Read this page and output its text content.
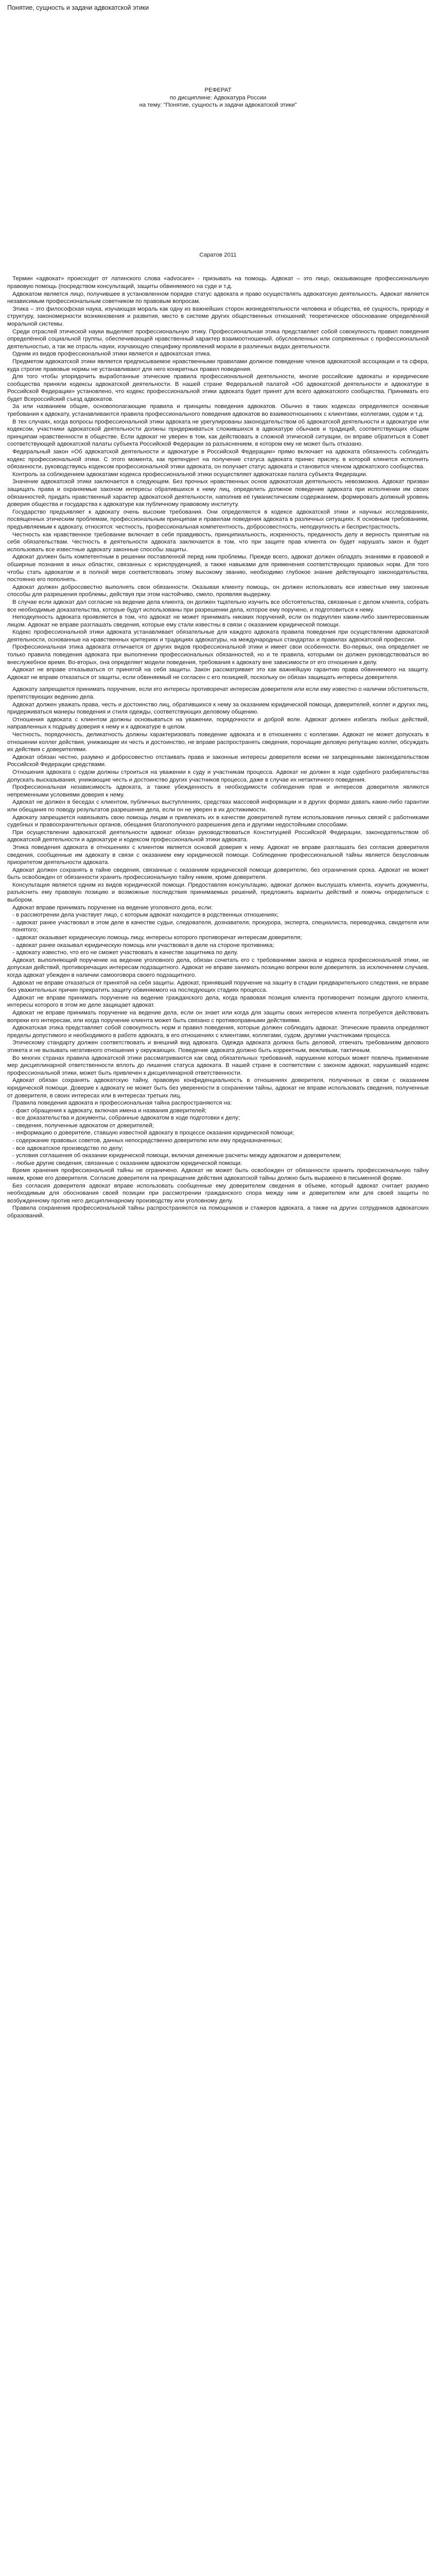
Понятие, сущность и задачи адвокатской этики
РЕФЕРАТ
по дисциплине: Адвокатура России
на тему: "Понятие, сущность и задачи адвокатской этики"
Саратов 2011

Термин «адвокат» происходит от латинского слова «advocare» - призывать на помощь. Адвокат – это лицо, оказывающее профессиональную правовую помощь (посредством консультаций, защиты обвиняемого на суде и т.д.

Адвокатом является лицо, получившее в установленном порядке статус адвоката и право осуществлять адвокатскую деятельность. Адвокат является независимым профессиональным советником по правовым вопросам.

Этика – это философская наука, изучающая мораль как одну из важнейших сторон жизнедеятельности человека и общества, её сущность, природу и структуру, закономерности возникновения и развития, место в системе других общественных отношений; теоретическое обоснование определённой моральной системы.

Среди отраслей этической науки выделяют профессиональную этику. Профессиональная этика представляет собой совокупность правил поведения определённой социальной группы, обеспечивающей нравственный характер взаимоотношений, обусловленных или сопряженных с профессиональной деятельностью, а так же отрасль науки, изучающую специфику проявлений морали в различных видах деятельности.

Одним из видов профессиональной этики является и адвокатская этика.

Предметом адвокатской этики является предписываемое нравственными правилами должное поведение членов адвокатской ассоциации и та сфера, куда строгие правовые нормы не устанавливают для него конкретных правил поведения.

Для того чтобы упорядочить выработанные этические правила профессиональной деятельности, многие российские адвокаты и юридические сообщества приняли кодексы адвокатской деятельности. В нашей стране Федеральной палатой «Об адвокатской деятельности и адвокатуре в Российской Федерации» установлено, что кодекс профессиональной этики адвоката будет принят для всего адвокатского сообщества. Принимать его будет Всероссийский съезд адвокатов.

За или названием общие, основополагающие правила и принципы поведения адвокатов. Обычно в таких кодексах определяются основные требования к адвокату, устанавливаются правила профессионального поведения адвокатов во взаимоотношениях с клиентами, коллегами, судом и т.д.

В тех случаях, когда вопросы профессиональной этики адвоката не урегулированы законодательством об адвокатской деятельности и адвокатуре или кодексом, участники адвокатской деятельности должны придерживаться сложившихся в адвокатуре обычаев и традиций, соответствующих общим принципам нравственности в обществе. Если адвокат не уверен в том, как действовать в сложной этической ситуации, он вправе обратиться в Совет соответствующей адвокатской палаты субъекта Российской Федерации за разъяснением, в котором ему не может быть отказано.

Федеральный закон «Об адвокатской деятельности и адвокатуре в Российской Федерации» прямо включает на адвоката обязанность соблюдать кодекс профессиональной этики. С этого момента, как претендент на получение статуса адвоката принес присягу, в которой клянется исполнять обязанности, руководствуясь кодексом профессиональной этики адвоката, он получает статус адвоката и становится членом адвокатского сообщества.

Контроль за соблюдением адвокатами кодекса профессиональной этики осуществляет адвокатская палата субъекта Федерации.

Значение адвокатской этики заключается в следующем. Без прочных нравственных основ адвокатская деятельность невозможна. Адвокат призван защищать права и охраняемые законом интересы обратившихся к нему лиц, определить должное поведение адвоката при исполнении им своих обязанностей, придать нравственный характер адвокатской деятельности, наполнив её гуманистическим содержанием, формировать должный уровень доверия общества и государства к адвокатуре как публичному правовому институту.

Государство предъявляет к адвокату очень высокие требования. Они определяются в кодексе адвокатской этики и научных исследованиях, посвященных этическим проблемам, профессиональным принципам и правилам поведения адвоката в различных ситуациях. К основным требованиям, предъявляемым к адвокату, относятся: честность, профессиональная компетентность, добросовестность, неподкупность и беспристрастность.

Честность как нравственное требование включает в себя правдивость, принципиальность, искренность, преданность делу и верность принятым на себя обязательствам. Честность в деятельности адвоката заключается в том, что при защите прав клиента он будет нарушать закон и будет использовать все известные адвокату законные способы защиты.

Адвокат должен быть компетентным в решении поставленной перед ним проблемы. Прежде всего, адвокат должен обладать знаниями в правовой и обширные познания в иных областях, связанных с юриспруденцией, а также навыками для применения соответствующих правовых норм. Для того чтобы стать адвокатом и в полной мере соответствовать этому высокому званию, необходимо глубокое знание действующего законодательства, постоянно его пополнять.

Адвокат должен добросовестно выполнять свои обязанности. Оказывая клиенту помощь, он должен использовать все известные ему законные способы для разрешения проблемы, действуя при этом настойчиво, смело, проявляя выдержку.

В случае если адвокат дал согласие на ведение дела клиента, он должен тщательно изучить все обстоятельства, связанные с делом клиента, собрать все необходимые доказательства, которые будут использованы при разрешении дела, которое ему поручено, и подготовиться к нему.

Неподкупность адвоката проявляется в том, что адвокат не может принимать никаких поручений, если он подкуплен каким-либо заинтересованным лицом. Адвокат не вправе разглашать сведения, которые ему стали известны в связи с оказанием юридической помощи.

Кодекс профессиональной этики адвоката устанавливает обязательные для каждого адвоката правила поведения при осуществлении адвокатской деятельности, основанные на нравственных критериях и традициях адвокатуры, на международных стандартах и правилах адвокатской профессии.

Профессиональная этика адвоката отличается от других видов профессиональной этики и имеет свои особенности. Во-первых, она определяет не только правила поведения адвоката при выполнении профессиональных обязанностей, но и те правила, которыми он должен руководствоваться во внеслужебное время. Во-вторых, она определяет модели поведения, требования к адвокату вне зависимости от его отношения к делу.

Адвокат не вправе отказываться от принятой на себя защиты. Закон рассматривает это как важнейшую гарантию права обвиняемого на защиту. Адвокат не вправе отказаться от защиты, если обвиняемый не согласен с его позицией, поскольку он обязан защищать интересы доверителя.

Адвокату запрещается принимать поручение, если его интересы противоречат интересам доверителя или если ему известно о наличии обстоятельств, препятствующих ведению дела.

Адвокат должен уважать права, честь и достоинство лиц, обратившихся к нему за оказанием юридической помощи, доверителей, коллег и других лиц, придерживаться манеры поведения и стиля одежды, соответствующих деловому общению.

Отношения адвоката с клиентом должны основываться на уважении, порядочности и доброй воле. Адвокат должен избегать любых действий, направленных к подрыву доверия к нему и к адвокатуре в целом.

Честность, порядочность, деликатность должны характеризовать поведение адвоката и в отношениях с коллегами. Адвокат не может допускать в отношении коллег действия, унижающие их честь и достоинство, не вправе распространять сведения, порочащие деловую репутацию коллег, обсуждать их действия с доверителями.

Адвокат обязан честно, разумно и добросовестно отстаивать права и законные интересы доверителя всеми не запрещенными законодательством Российской Федерации средствами.

Отношения адвоката с судом должны строиться на уважении к суду и участникам процесса. Адвокат не должен в ходе судебного разбирательства допускать высказывания, унижающие честь и достоинство других участников процесса, даже в случае их нетактичного поведения.

Профессиональная независимость адвоката, а также убежденность в необходимости соблюдения прав и интересов доверителя являются непременными условиями доверия к нему.

Адвокат не должен в беседах с клиентом, публичных выступлениях, средствах массовой информации и в других формах давать какие-либо гарантии или обещания по поводу результатов разрешения дела, если он не уверен в их достижимости.

Адвокату запрещается навязывать свою помощь лицам и привлекать их в качестве доверителей путем использования личных связей с работниками судебных и правоохранительных органов, обещания благополучного разрешения дела и другими недостойными способами.

При осуществлении адвокатской деятельности адвокат обязан руководствоваться Конституцией Российской Федерации, законодательством об адвокатской деятельности и адвокатуре и кодексом профессиональной этики адвоката.

Этика поведения адвоката в отношениях с клиентом является основой доверия к нему. Адвокат не вправе разглашать без согласия доверителя сведения, сообщенные им адвокату в связи с оказанием ему юридической помощи. Соблюдение профессиональной тайны является безусловным приоритетом деятельности адвоката.

Адвокат должен сохранять в тайне сведения, связанные с оказанием юридической помощи доверителю, без ограничения срока. Адвокат не может быть освобожден от обязанности хранить профессиональную тайну никем, кроме доверителя.

Консультация является одним из видов юридической помощи. Предоставляя консультацию, адвокат должен выслушать клиента, изучить документы, разъяснить ему правовую позицию и возможные последствия принимаемых решений, предложить варианты действий и помочь определиться с выбором.

Адвокат вправе принимать поручение на ведение уголовного дела, если:

- в рассмотрении дела участвует лицо, с которым адвокат находится в родственных отношениях;

- адвокат ранее участвовал в этом деле в качестве судьи, следователя, дознавателя, прокурора, эксперта, специалиста, переводчика, свидетеля или понятого;

- адвокат оказывает юридическую помощь лицу, интересы которого противоречат интересам доверителя;

- адвокат ранее оказывал юридическую помощь или участвовал в деле на стороне противника;

- адвокату известно, что его не сможет участвовать в качестве защитника по делу.

Адвокат, выполняющий поручение на ведение уголовного дела, обязан сочетать его с требованиями закона и кодекса профессиональной этики, не допуская действий, противоречащих интересам подзащитного. Адвокат не вправе занимать позицию вопреки воле доверителя, за исключением случаев, когда адвокат убежден в наличии самооговора своего подзащитного.

Адвокат не вправе отказаться от принятой на себя защиты. Адвокат, принявший поручение на защиту в стадии предварительного следствия, не вправе без уважительных причин прекратить защиту обвиняемого на последующих стадиях процесса.

Адвокат не вправе принимать поручение на ведение гражданского дела, когда правовая позиция клиента противоречит позиции другого клиента, интересы которого в этом же деле защищает адвокат.

Адвокат не вправе принимать поручение на ведение дела, если он знает или когда для защиты своих интересов клиента потребуется действовать вопреки его интересам, или когда поручение клиента может быть связано с противоправными действиями.

Адвокатская этика представляет собой совокупность норм и правил поведения, которые должен соблюдать адвокат. Этические правила определяют пределы допустимого и необходимого в работе адвоката, в его отношениях с клиентами, коллегами, судом, другими участниками процесса.

Этическому стандарту должен соответствовать и внешний вид адвоката. Одежда адвоката должна быть деловой, отвечать требованиям делового этикета и не вызывать негативного отношения у окружающих. Поведение адвоката должно быть корректным, вежливым, тактичным.

Во многих странах правила адвокатской этики рассматриваются как свод обязательных требований, нарушение которых может повлечь применение мер дисциплинарной ответственности вплоть до лишения статуса адвоката. В нашей стране в соответствии с законом адвокат, нарушивший кодекс профессиональной этики, может быть привлечен к дисциплинарной ответственности.

Адвокат обязан сохранять адвокатскую тайну, правовую конфиденциальность в отношениях доверителя, полученных в связи с оказанием юридической помощи. Доверие к адвокату не может быть без уверенности в сохранении тайны, адвокат не вправе использовать сведения, полученные от доверителя, в своих интересах или в интересах третьих лиц.

Правила поведения адвоката и профессиональная тайна распространяются на:

- факт обращения к адвокату, включая имена и названия доверителей;

- все доказательства и документы, собранные адвокатом в ходе подготовки к делу;

- сведения, полученные адвокатом от доверителей;

- информацию о доверителе, ставшую известной адвокату в процессе оказания юридической помощи;

- содержание правовых советов, данных непосредственно доверителю или ему предназначенных;

- все адвокатское производство по делу;

- условия соглашения об оказании юридической помощи, включая денежные расчеты между адвокатом и доверителем;

- любые другие сведения, связанные с оказанием адвокатом юридической помощи.

Время хранения профессиональной тайны не ограничено. Адвокат не может быть освобожден от обязанности хранить профессиональную тайну никем, кроме его доверителя. Согласие доверителя на прекращение действия адвокатской тайны должно быть выражено в письменной форме.

Без согласия доверителя адвокат вправе использовать сообщенные ему доверителем сведения в объеме, который адвокат считает разумно необходимым для обоснования своей позиции при рассмотрении гражданского спора между ним и доверителем или для своей защиты по возбужденному против него дисциплинарному производству или уголовному делу.

Правила сохранения профессиональной тайны распространяются на помощников и стажеров адвоката, а также на других сотрудников адвокатских образований.
